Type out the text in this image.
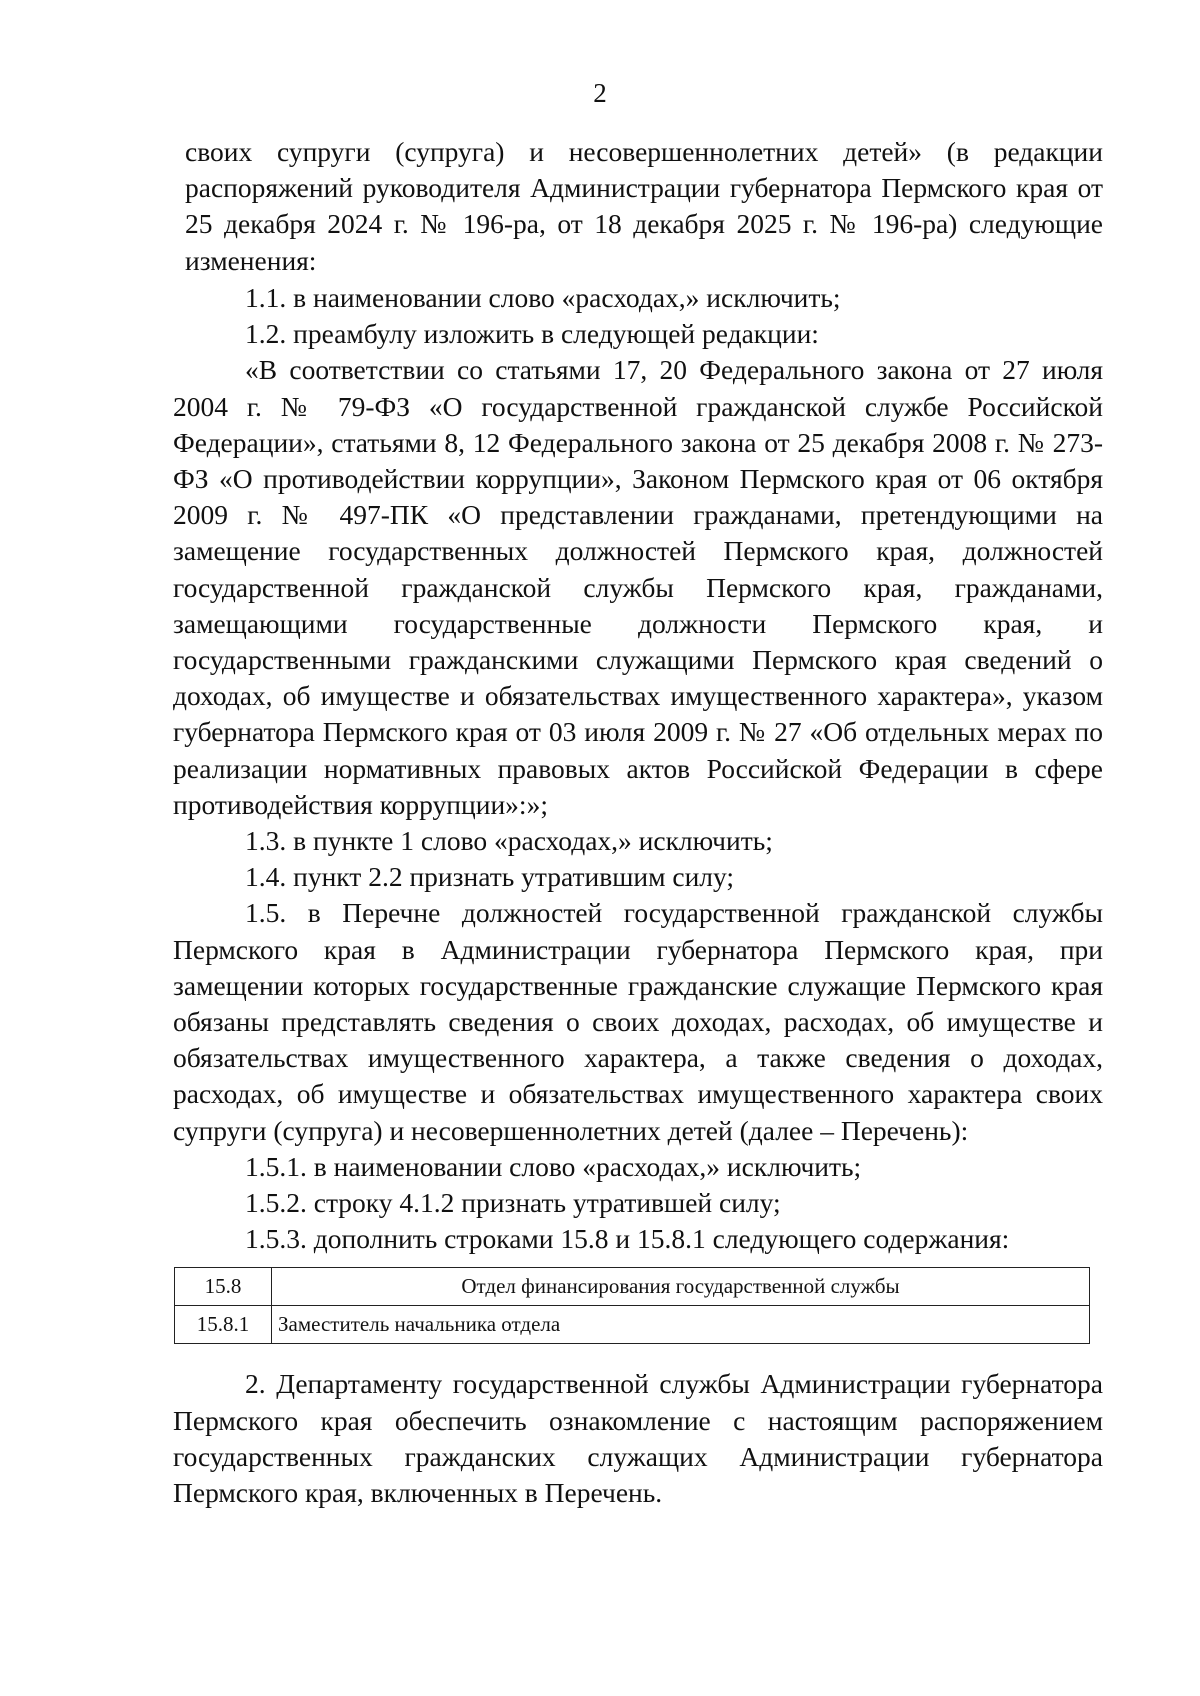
2
своих супруги (супруга) и несовершеннолетних детей» (в редакции распоряжений руководителя Администрации губернатора Пермского края от 25 декабря 2024 г. № 196-ра, от 18 декабря 2025 г. № 196-ра) следующие изменения:

1.1. в наименовании слово «расходах,» исключить;

1.2. преамбулу изложить в следующей редакции:

«В соответствии со статьями 17, 20 Федерального закона от 27 июля 2004 г. № 79-ФЗ «О государственной гражданской службе Российской Федерации», статьями 8, 12 Федерального закона от 25 декабря 2008 г. № 273-ФЗ «О противодействии коррупции», Законом Пермского края от 06 октября 2009 г. № 497-ПК «О представлении гражданами, претендующими на замещение государственных должностей Пермского края, должностей государственной гражданской службы Пермского края, гражданами, замещающими государственные должности Пермского края, и государственными гражданскими служащими Пермского края сведений о доходах, об имуществе и обязательствах имущественного характера», указом губернатора Пермского края от 03 июля 2009 г. № 27 «Об отдельных мерах по реализации нормативных правовых актов Российской Федерации в сфере противодействия коррупции»:»;

1.3. в пункте 1 слово «расходах,» исключить;

1.4. пункт 2.2 признать утратившим силу;

1.5. в Перечне должностей государственной гражданской службы Пермского края в Администрации губернатора Пермского края, при замещении которых государственные гражданские служащие Пермского края обязаны представлять сведения о своих доходах, расходах, об имуществе и обязательствах имущественного характера, а также сведения о доходах, расходах, об имуществе и обязательствах имущественного характера своих супруги (супруга) и несовершеннолетних детей (далее – Перечень):

1.5.1. в наименовании слово «расходах,» исключить;

1.5.2. строку 4.1.2 признать утратившей силу;

1.5.3. дополнить строками 15.8 и 15.8.1 следующего содержания:

15.8	Отдел финансирования государственной службы
15.8.1	Заместитель начальника отдела

2. Департаменту государственной службы Администрации губернатора Пермского края обеспечить ознакомление с настоящим распоряжением государственных гражданских служащих Администрации губернатора Пермского края, включенных в Перечень.
